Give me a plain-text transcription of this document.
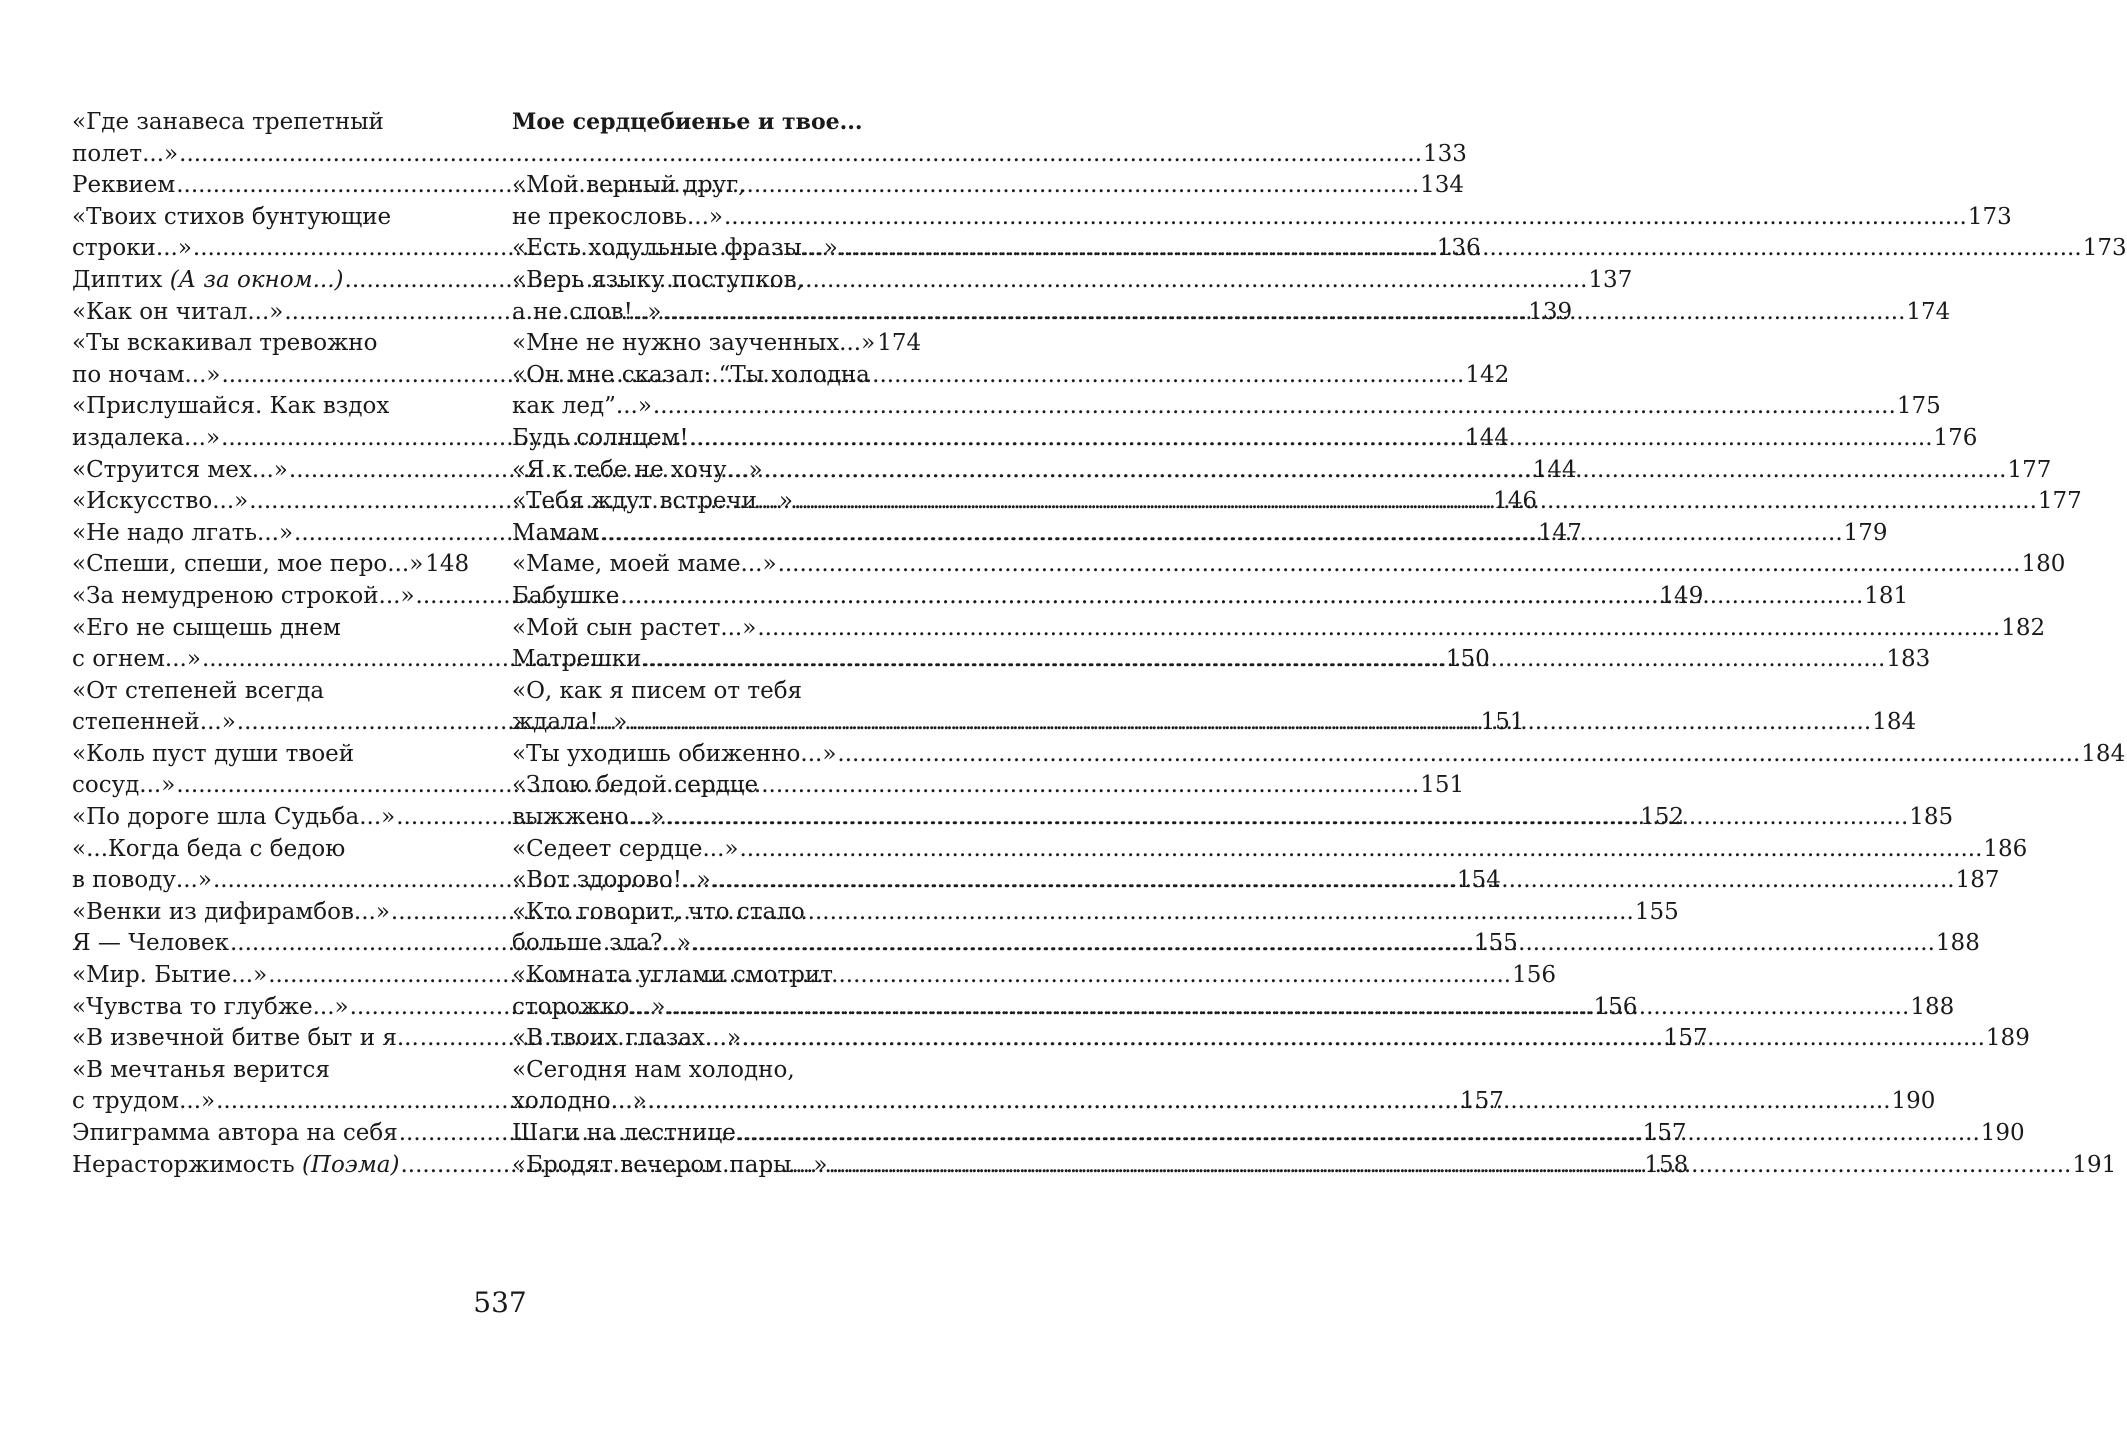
«Где занавеса трепетный
полет...» .....	133
Реквием .....	134
«Твоих стихов бунтующие
строки...» .....	136
Диптих (А за окном...) .....	137
«Как он читал...» .....	139
«Ты вскакивал тревожно
по ночам...» .....	142
«Прислушайся. Как вздох
издалека...» .....	144
«Струится мех...» .....	144
«Искусство...» .....	146
«Не надо лгать...» .....	147
«Спеши, спеши, мое перо...» 148
«За немудреною строкой...» .....	149
«Его не сыщешь днем
с огнем...» .....	150
«От степеней всегда
степенней...» .....	151
«Коль пуст души твоей
сосуд...» .....	151
«По дороге шла Судьба...» .....	152
«...Когда беда с бедою
в поводу...» .....	154
«Венки из дифирамбов...» .....	155
Я — Человек .....	155
«Мир. Бытие...» .....	156
«Чувства то глубже...» .....	156
«В извечной битве быт и я... .....	157
«В мечтанья верится
с трудом...» .....	157
Эпиграмма автора на себя .....	157
Нерасторжимость (Поэма) .....	158
Мое сердцебиенье и твое...
«Мой верный друг,
не прекословь...» .....	173
«Есть ходульные фразы...» .....	173
«Верь языку поступков,
а не слов!..» .....	174
«Мне не нужно заученных...» 174
«Он мне сказал: “Ты холодна
как лед”...» .....	175
Будь солнцем! .....	176
«Я к тебе не хочу...» .....	177
«Тебя ждут встречи...» .....	177
Мамам .....	179
«Маме, моей маме...» .....	180
Бабушке .....	181
«Мой сын растет...» .....	182
Матрешки .....	183
«О, как я писем от тебя
ждала!..» .....	184
«Ты уходишь обиженно...» .....	184
«Злою бедой сердце
выжжено...» .....	185
«Седеет сердце...» .....	186
«Вот здорово!..» .....	187
«Кто говорит, что стало
больше зла?..» .....	188
«Комната углами смотрит
сторожко...» .....	188
«В твоих глазах...» .....	189
«Сегодня нам холодно,
холодно...» .....	190
Шаги на лестнице .....	190
«Бродят вечером пары...» .....	191
537
